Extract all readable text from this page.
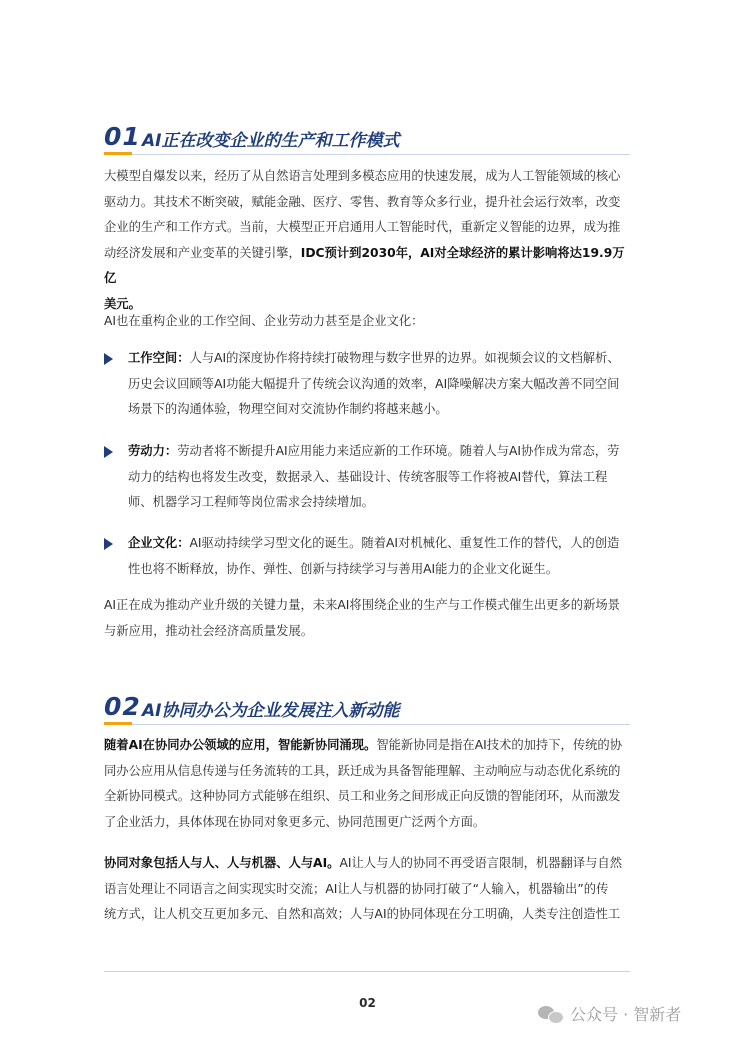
01 AI正在改变企业的生产和工作模式

大模型自爆发以来，经历了从自然语言处理到多模态应用的快速发展，成为人工智能领域的核心
驱动力。其技术不断突破，赋能金融、医疗、零售、教育等众多行业，提升社会运行效率，改变
企业的生产和工作方式。当前，大模型正开启通用人工智能时代，重新定义智能的边界，成为推
动经济发展和产业变革的关键引擎，IDC预计到2030年，AI对全球经济的累计影响将达19.9万亿
美元。

AI也在重构企业的工作空间、企业劳动力甚至是企业文化：

工作空间：人与AI的深度协作将持续打破物理与数字世界的边界。如视频会议的文档解析、
历史会议回顾等AI功能大幅提升了传统会议沟通的效率，AI降噪解决方案大幅改善不同空间
场景下的沟通体验，物理空间对交流协作制约将越来越小。

劳动力：劳动者将不断提升AI应用能力来适应新的工作环境。随着人与AI协作成为常态，劳
动力的结构也将发生改变，数据录入、基础设计、传统客服等工作将被AI替代，算法工程
师、机器学习工程师等岗位需求会持续增加。

企业文化：AI驱动持续学习型文化的诞生。随着AI对机械化、重复性工作的替代，人的创造
性也将不断释放，协作、弹性、创新与持续学习与善用AI能力的企业文化诞生。

AI正在成为推动产业升级的关键力量，未来AI将围绕企业的生产与工作模式催生出更多的新场景
与新应用，推动社会经济高质量发展。

02 AI协同办公为企业发展注入新动能

随着AI在协同办公领域的应用，智能新协同涌现。智能新协同是指在AI技术的加持下，传统的协
同办公应用从信息传递与任务流转的工具，跃迁成为具备智能理解、主动响应与动态优化系统的
全新协同模式。这种协同方式能够在组织、员工和业务之间形成正向反馈的智能闭环，从而激发
了企业活力，具体体现在协同对象更多元、协同范围更广泛两个方面。

协同对象包括人与人、人与机器、人与AI。AI让人与人的协同不再受语言限制，机器翻译与自然
语言处理让不同语言之间实现实时交流；AI让人与机器的协同打破了“人输入，机器输出”的传
统方式，让人机交互更加多元、自然和高效；人与AI的协同体现在分工明确，人类专注创造性工

02
公众号 · 智新者
